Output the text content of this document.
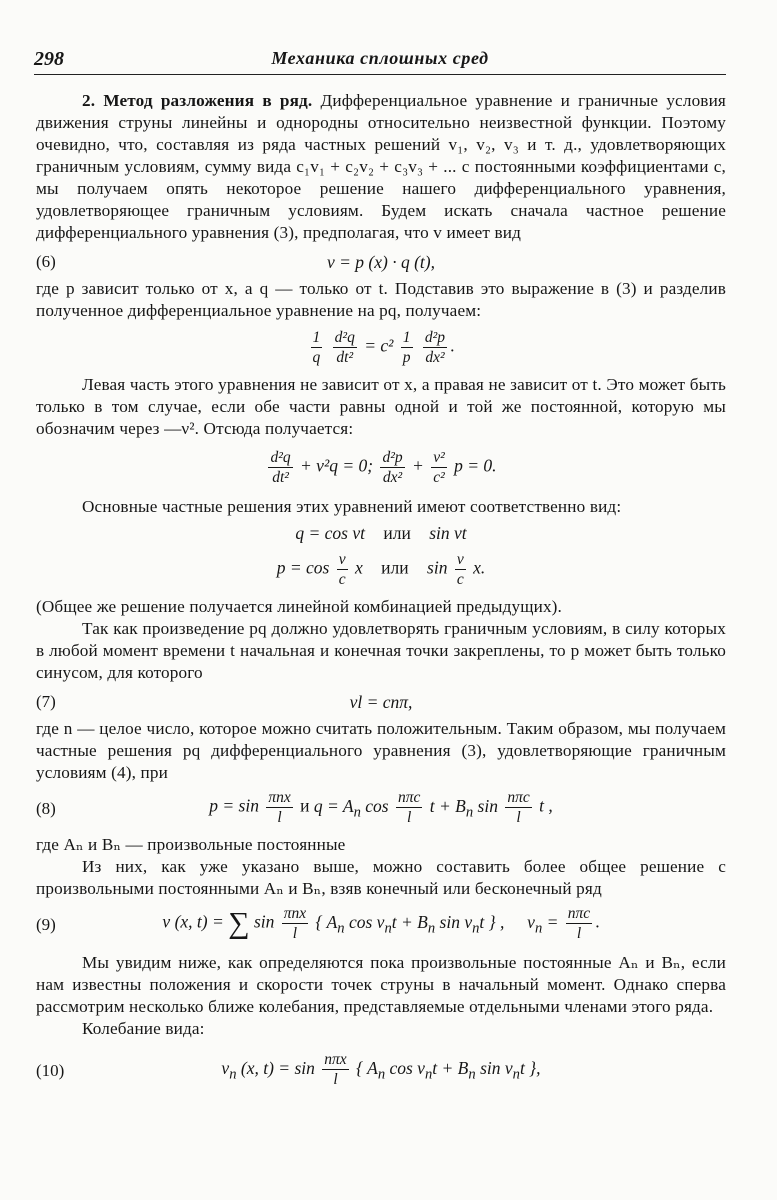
298	Механика сплошных сред

2. Метод разложения в ряд. Дифференциальное уравнение и граничные условия движения струны линейны и однородны относительно неизвестной функции. Поэтому очевидно, что, составляя из ряда частных решений v₁, v₂, v₃ и т. д., удовлетворяющих граничным условиям, сумму вида c₁v₁ + c₂v₂ + c₃v₃ + ... с постоянными коэффициентами c, мы получаем опять некоторое решение нашего дифференциального уравнения, удовлетворяющее граничным условиям. Будем искать сначала частное решение дифференциального уравнения (3), предполагая, что v имеет вид

(6)	v = p (x) · q (t),

где p зависит только от x, а q — только от t. Подставив это выражение в (3) и разделив полученное дифференциальное уравнение на pq, получаем:

$\frac{1}{q}$
$\frac{\text{d²q}}{\text{dt²}} = c^2 \frac{1}{p}$
$\frac{\text{d²p}}{\text{dx²}}$ .

Левая часть этого уравнения не зависит от x, а правая не зависит от t. Это может быть только в том случае, если обе части равны одной и той же постоянной, которую мы обозначим через —ν². Отсюда получается:

$\frac{\text{d²q}}{\text{dt²}} + \nu^2q = 0$; $\frac{\text{d²p}}{\text{dx²}} + \frac{\text{ν²}}{\text{c²}}$ p = 0.

Основные частные решения этих уравнений имеют соответственно вид:

q = cos νt или sin νt
$p = \cos \frac{\nu}{c}$ x или $\sin \frac{\nu}{c} x$.

(Общее же решение получается линейной комбинацией предыдущих).

Так как произведение pq должно удовлетворять граничным условиям, в силу которых в любой момент времени t начальная и конечная точки закреплены, то p может быть только синусом, для которого

(7)	νl = cnπ,

где n — целое число, которое можно считать положительным. Таким образом, мы получаем частные решения pq дифференциального уравнения (3), удовлетворяющие граничным условиям (4), при

(8)	$p = \sin \frac{\text{πnx}}{l}$ и $q = A_n$ $\cos \frac{\text{nπc}}{l}$ $t + B_n$ $\sin \frac{\text{nπc}}{l}$ t ,

где Aₙ и Bₙ — произвольные постоянные

Из них, как уже указано выше, можно составить более общее решение с произвольными постоянными Aₙ и Bₙ, взяв конечный или бесконечный ряд

(9)	v (x, t) = ∑ $\sin \frac{\text{πnx}}{l}$ { $A_n$ $\cos \nu_nt + B_n$ $\sin \nu_nt$ } , $\nu_n = \frac{\text{nπc}}{l}$ .

Мы увидим ниже, как определяются пока произвольные постоянные Aₙ и Bₙ, если нам известны положения и скорости точек струны в начальный момент. Однако сперва рассмотрим несколько ближе колебания, представляемые отдельными членами этого ряда.

Колебание вида:

(10)	$v_n$ (x, $t) = \sin \frac{\text{nπx}}{l}$ { $A_n$ $\cos \nu_nt + B_n$ $\sin \nu_nt$ },
